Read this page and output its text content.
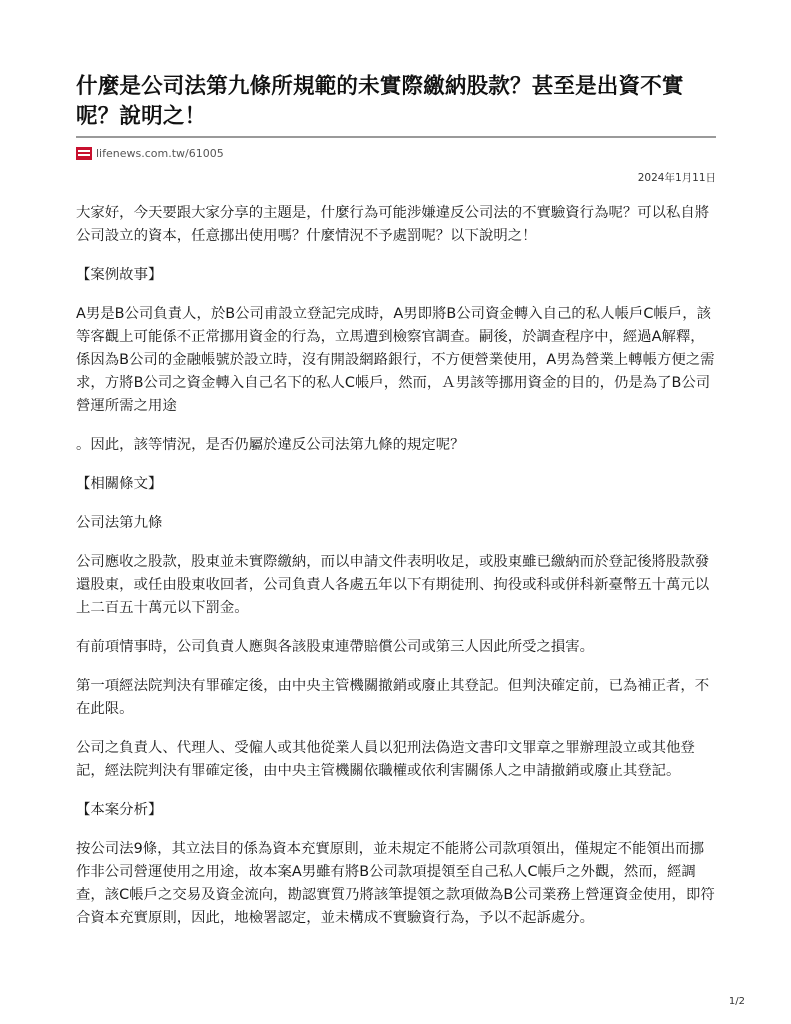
什麼是公司法第九條所規範的未實際繳納股款？甚至是出資不實呢？說明之！
lifenews.com.tw/61005
2024年1月11日

大家好，今天要跟大家分享的主題是，什麼行為可能涉嫌違反公司法的不實驗資行為呢？可以私自將公司設立的資本，任意挪出使用嗎？什麼情況不予處罰呢？以下說明之！

【案例故事】

A男是B公司負責人，於B公司甫設立登記完成時，A男即將B公司資金轉入自己的私人帳戶C帳戶，該等客觀上可能係不正常挪用資金的行為，立馬遭到檢察官調查。嗣後，於調查程序中，經過A解釋，係因為B公司的金融帳號於設立時，沒有開設網路銀行，不方便營業使用，A男為營業上轉帳方便之需求，方將B公司之資金轉入自己名下的私人C帳戶，然而，Ａ男該等挪用資金的目的，仍是為了B公司營運所需之用途

。因此，該等情況，是否仍屬於違反公司法第九條的規定呢？

【相關條文】

公司法第九條

公司應收之股款，股東並未實際繳納，而以申請文件表明收足，或股東雖已繳納而於登記後將股款發還股東，或任由股東收回者，公司負責人各處五年以下有期徒刑、拘役或科或併科新臺幣五十萬元以上二百五十萬元以下罰金。

有前項情事時，公司負責人應與各該股東連帶賠償公司或第三人因此所受之損害。

第一項經法院判決有罪確定後，由中央主管機關撤銷或廢止其登記。但判決確定前，已為補正者，不在此限。

公司之負責人、代理人、受僱人或其他從業人員以犯刑法偽造文書印文罪章之罪辦理設立或其他登記，經法院判決有罪確定後，由中央主管機關依職權或依利害關係人之申請撤銷或廢止其登記。

【本案分析】

按公司法9條，其立法目的係為資本充實原則，並未規定不能將公司款項領出，僅規定不能領出而挪作非公司營運使用之用途，故本案A男雖有將B公司款項提領至自己私人C帳戶之外觀，然而，經調查，該C帳戶之交易及資金流向，勘認實質乃將該筆提領之款項做為B公司業務上營運資金使用，即符合資本充實原則，因此，地檢署認定，並未構成不實驗資行為，予以不起訴處分。

1/2
